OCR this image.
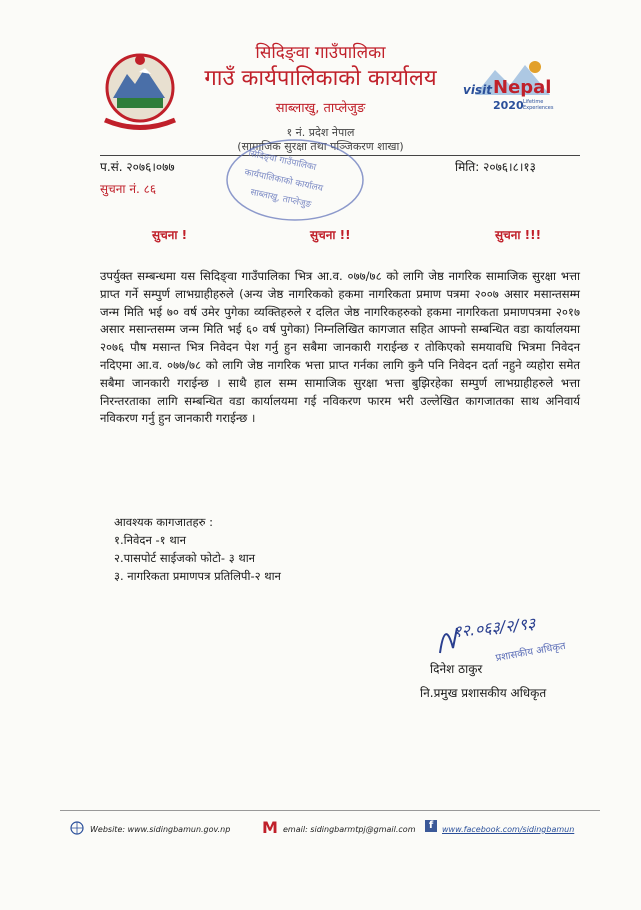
सिदिङ्वा गाउँपालिका
गाउँ कार्यपालिकाको कार्यालय
साब्लाखु, ताप्लेजुङ
१ नं. प्रदेश नेपाल
(सामाजिक सुरक्षा तथा पञ्जिकरण शाखा)
visit Nepal
2020 Lifetime Experiences
सिदिङ्वा गाउँपालिका
कार्यपालिकाको कार्यालय
साब्लाखु, ताप्लेजुङ
प.सं. २०७६।०७७
सुचना नं. ८६
मिति: २०७६।८।१३
सुचना !	सुचना !!	सुचना !!!
उपर्युक्त सम्बन्धमा यस सिदिङ्वा गाउँपालिका भित्र आ.व. ०७७/७८ को लागि जेष्ठ नागरिक सामाजिक सुरक्षा भत्ता प्राप्त गर्ने सम्पुर्ण लाभग्राहीहरुले (अन्य जेष्ठ नागरिकको हकमा नागरिकता प्रमाण पत्रमा २००७ असार मसान्तसम्म जन्म मिति भई ७० वर्ष उमेर पुगेका व्यक्तिहरुले र दलित जेष्ठ नागरिकहरुको हकमा नागरिकता प्रमाणपत्रमा २०१७ असार मसान्तसम्म जन्म मिति भई ६० वर्ष पुगेका) निम्नलिखित कागजात सहित आफ्नो सम्बन्धित वडा कार्यालयमा २०७६ पौष मसान्त भित्र निवेदन पेश गर्नु हुन सबैमा जानकारी गराईन्छ र तोकिएको समयावधि भित्रमा निवेदन नदिएमा आ.व. ०७७/७८ को लागि जेष्ठ नागरिक भत्ता प्राप्त गर्नका लागि कुनै पनि निवेदन दर्ता नहुने व्यहोरा समेत सबैमा जानकारी गराईन्छ । साथै हाल सम्म सामाजिक सुरक्षा भत्ता बुझिरहेका सम्पुर्ण लाभग्राहीहरुले भत्ता निरन्तरताका लागि सम्बन्धित वडा कार्यालयमा गई नविकरण फारम भरी उल्लेखित कागजातका साथ अनिवार्य नविकरण गर्नु हुन जानकारी गराईन्छ ।
आवश्यक कागजातहरु :
१.निवेदन -१ थान
२.पासपोर्ट साईजको फोटो- ३ थान
३. नागरिकता प्रमाणपत्र प्रतिलिपी-२ थान
१२.०६३/२/९३
प्रशासकीय अधिकृत
दिनेश ठाकुर
नि.प्रमुख प्रशासकीय अधिकृत
Website: www.sidingbamun.gov.np M email: sidingbarmtpj@gmail.com	f	www.facebook.com/sidingbamun
